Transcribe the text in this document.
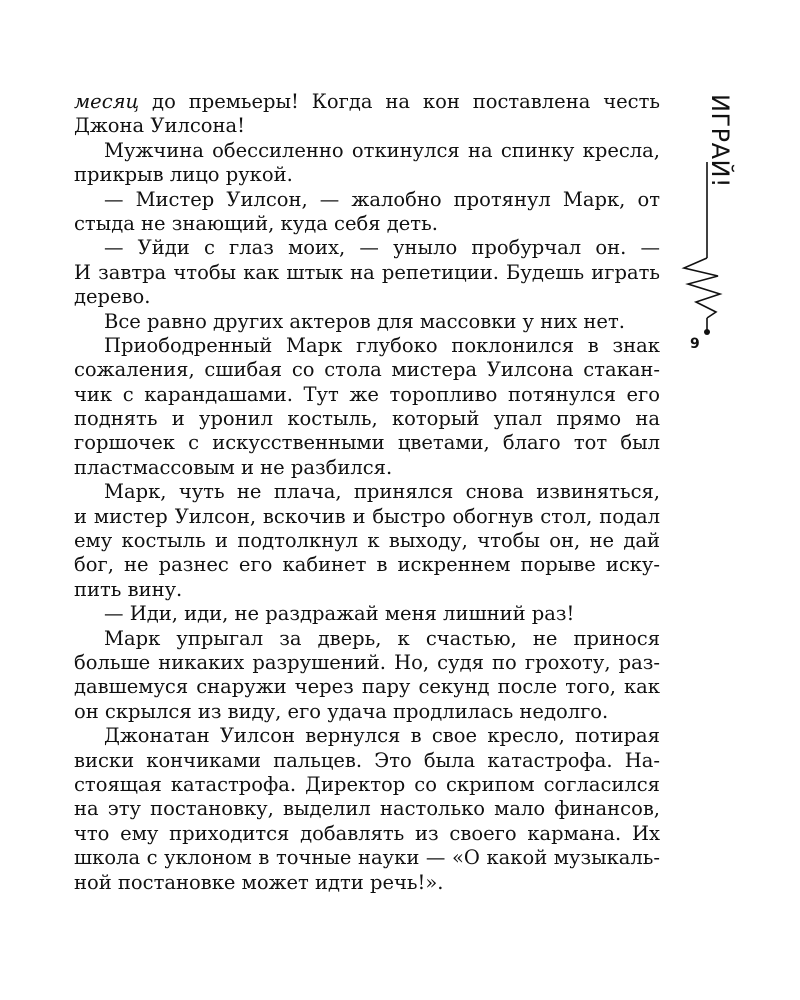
месяц до премьеры! Когда на кон поставлена честь
Джона Уилсона!
Мужчина обессиленно откинулся на спинку кресла,
прикрыв лицо рукой.
— Мистер Уилсон, — жалобно протянул Марк, от
стыда не знающий, куда себя деть.
— Уйди с глаз моих, — уныло пробурчал он. —
И завтра чтобы как штык на репетиции. Будешь играть
дерево.
Все равно других актеров для массовки у них нет.
Приободренный Марк глубоко поклонился в знак
сожаления, сшибая со стола мистера Уилсона стакан-
чик с карандашами. Тут же торопливо потянулся его
поднять и уронил костыль, который упал прямо на
горшочек с искусственными цветами, благо тот был
пластмассовым и не разбился.
Марк, чуть не плача, принялся снова извиняться,
и мистер Уилсон, вскочив и быстро обогнув стол, подал
ему костыль и подтолкнул к выходу, чтобы он, не дай
бог, не разнес его кабинет в искреннем порыве иску-
пить вину.
— Иди, иди, не раздражай меня лишний раз!
Марк упрыгал за дверь, к счастью, не принося
больше никаких разрушений. Но, судя по грохоту, раз-
давшемуся снаружи через пару секунд после того, как
он скрылся из виду, его удача продлилась недолго.
Джонатан Уилсон вернулся в свое кресло, потирая
виски кончиками пальцев. Это была катастрофа. На-
стоящая катастрофа. Директор со скрипом согласился
на эту постановку, выделил настолько мало финансов,
что ему приходится добавлять из своего кармана. Их
школа с уклоном в точные науки — «О какой музыкаль-
ной постановке может идти речь!».
ИГРАЙ!
9
